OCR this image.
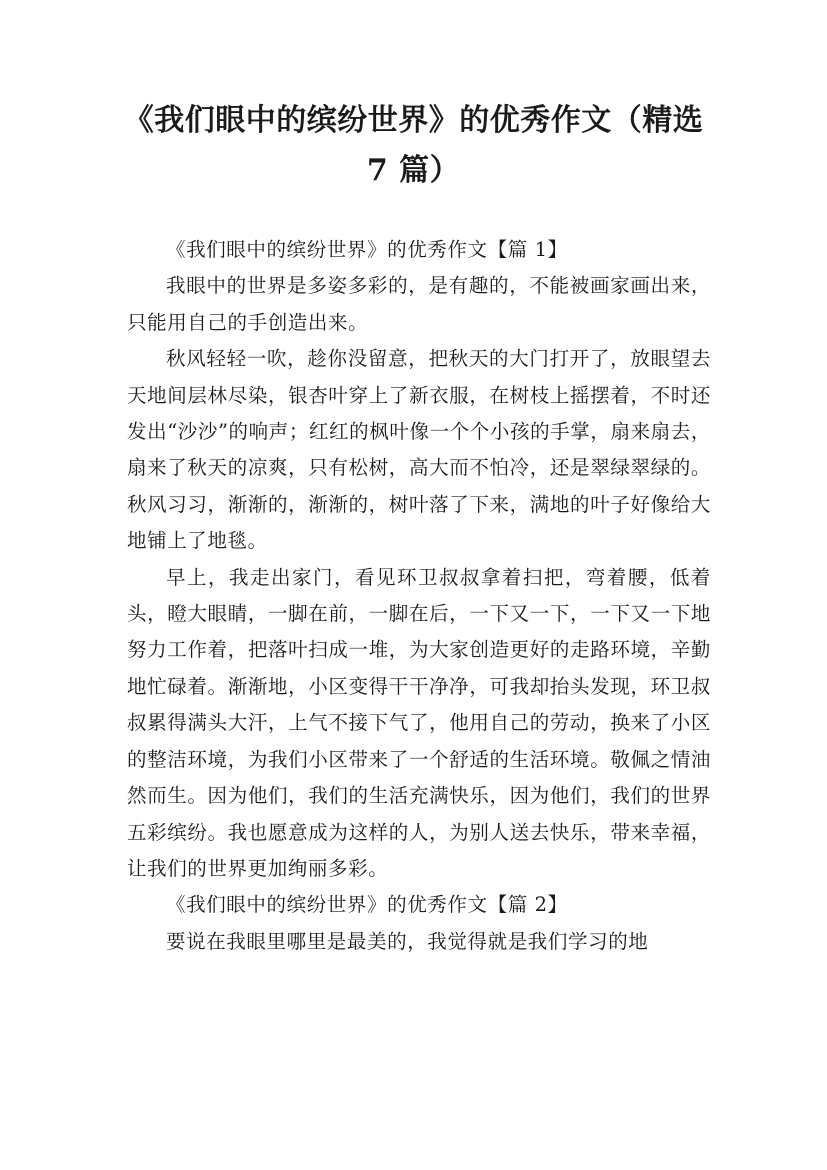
《我们眼中的缤纷世界》的优秀作文（精选
7 篇）

《我们眼中的缤纷世界》的优秀作文【篇 1】

我眼中的世界是多姿多彩的，是有趣的，不能被画家画出来，只能用自己的手创造出来。

秋风轻轻一吹，趁你没留意，把秋天的大门打开了，放眼望去天地间层林尽染，银杏叶穿上了新衣服，在树枝上摇摆着，不时还发出“沙沙”的响声；红红的枫叶像一个个小孩的手掌，扇来扇去，扇来了秋天的凉爽，只有松树，高大而不怕冷，还是翠绿翠绿的。秋风习习，渐渐的，渐渐的，树叶落了下来，满地的叶子好像给大地铺上了地毯。

早上，我走出家门，看见环卫叔叔拿着扫把，弯着腰，低着头，瞪大眼睛，一脚在前，一脚在后，一下又一下，一下又一下地努力工作着，把落叶扫成一堆，为大家创造更好的走路环境，辛勤地忙碌着。渐渐地，小区变得干干净净，可我却抬头发现，环卫叔叔累得满头大汗，上气不接下气了，他用自己的劳动，换来了小区的整洁环境，为我们小区带来了一个舒适的生活环境。敬佩之情油然而生。因为他们，我们的生活充满快乐，因为他们，我们的世界五彩缤纷。我也愿意成为这样的人，为别人送去快乐，带来幸福，让我们的世界更加绚丽多彩。

《我们眼中的缤纷世界》的优秀作文【篇 2】

要说在我眼里哪里是最美的，我觉得就是我们学习的地
